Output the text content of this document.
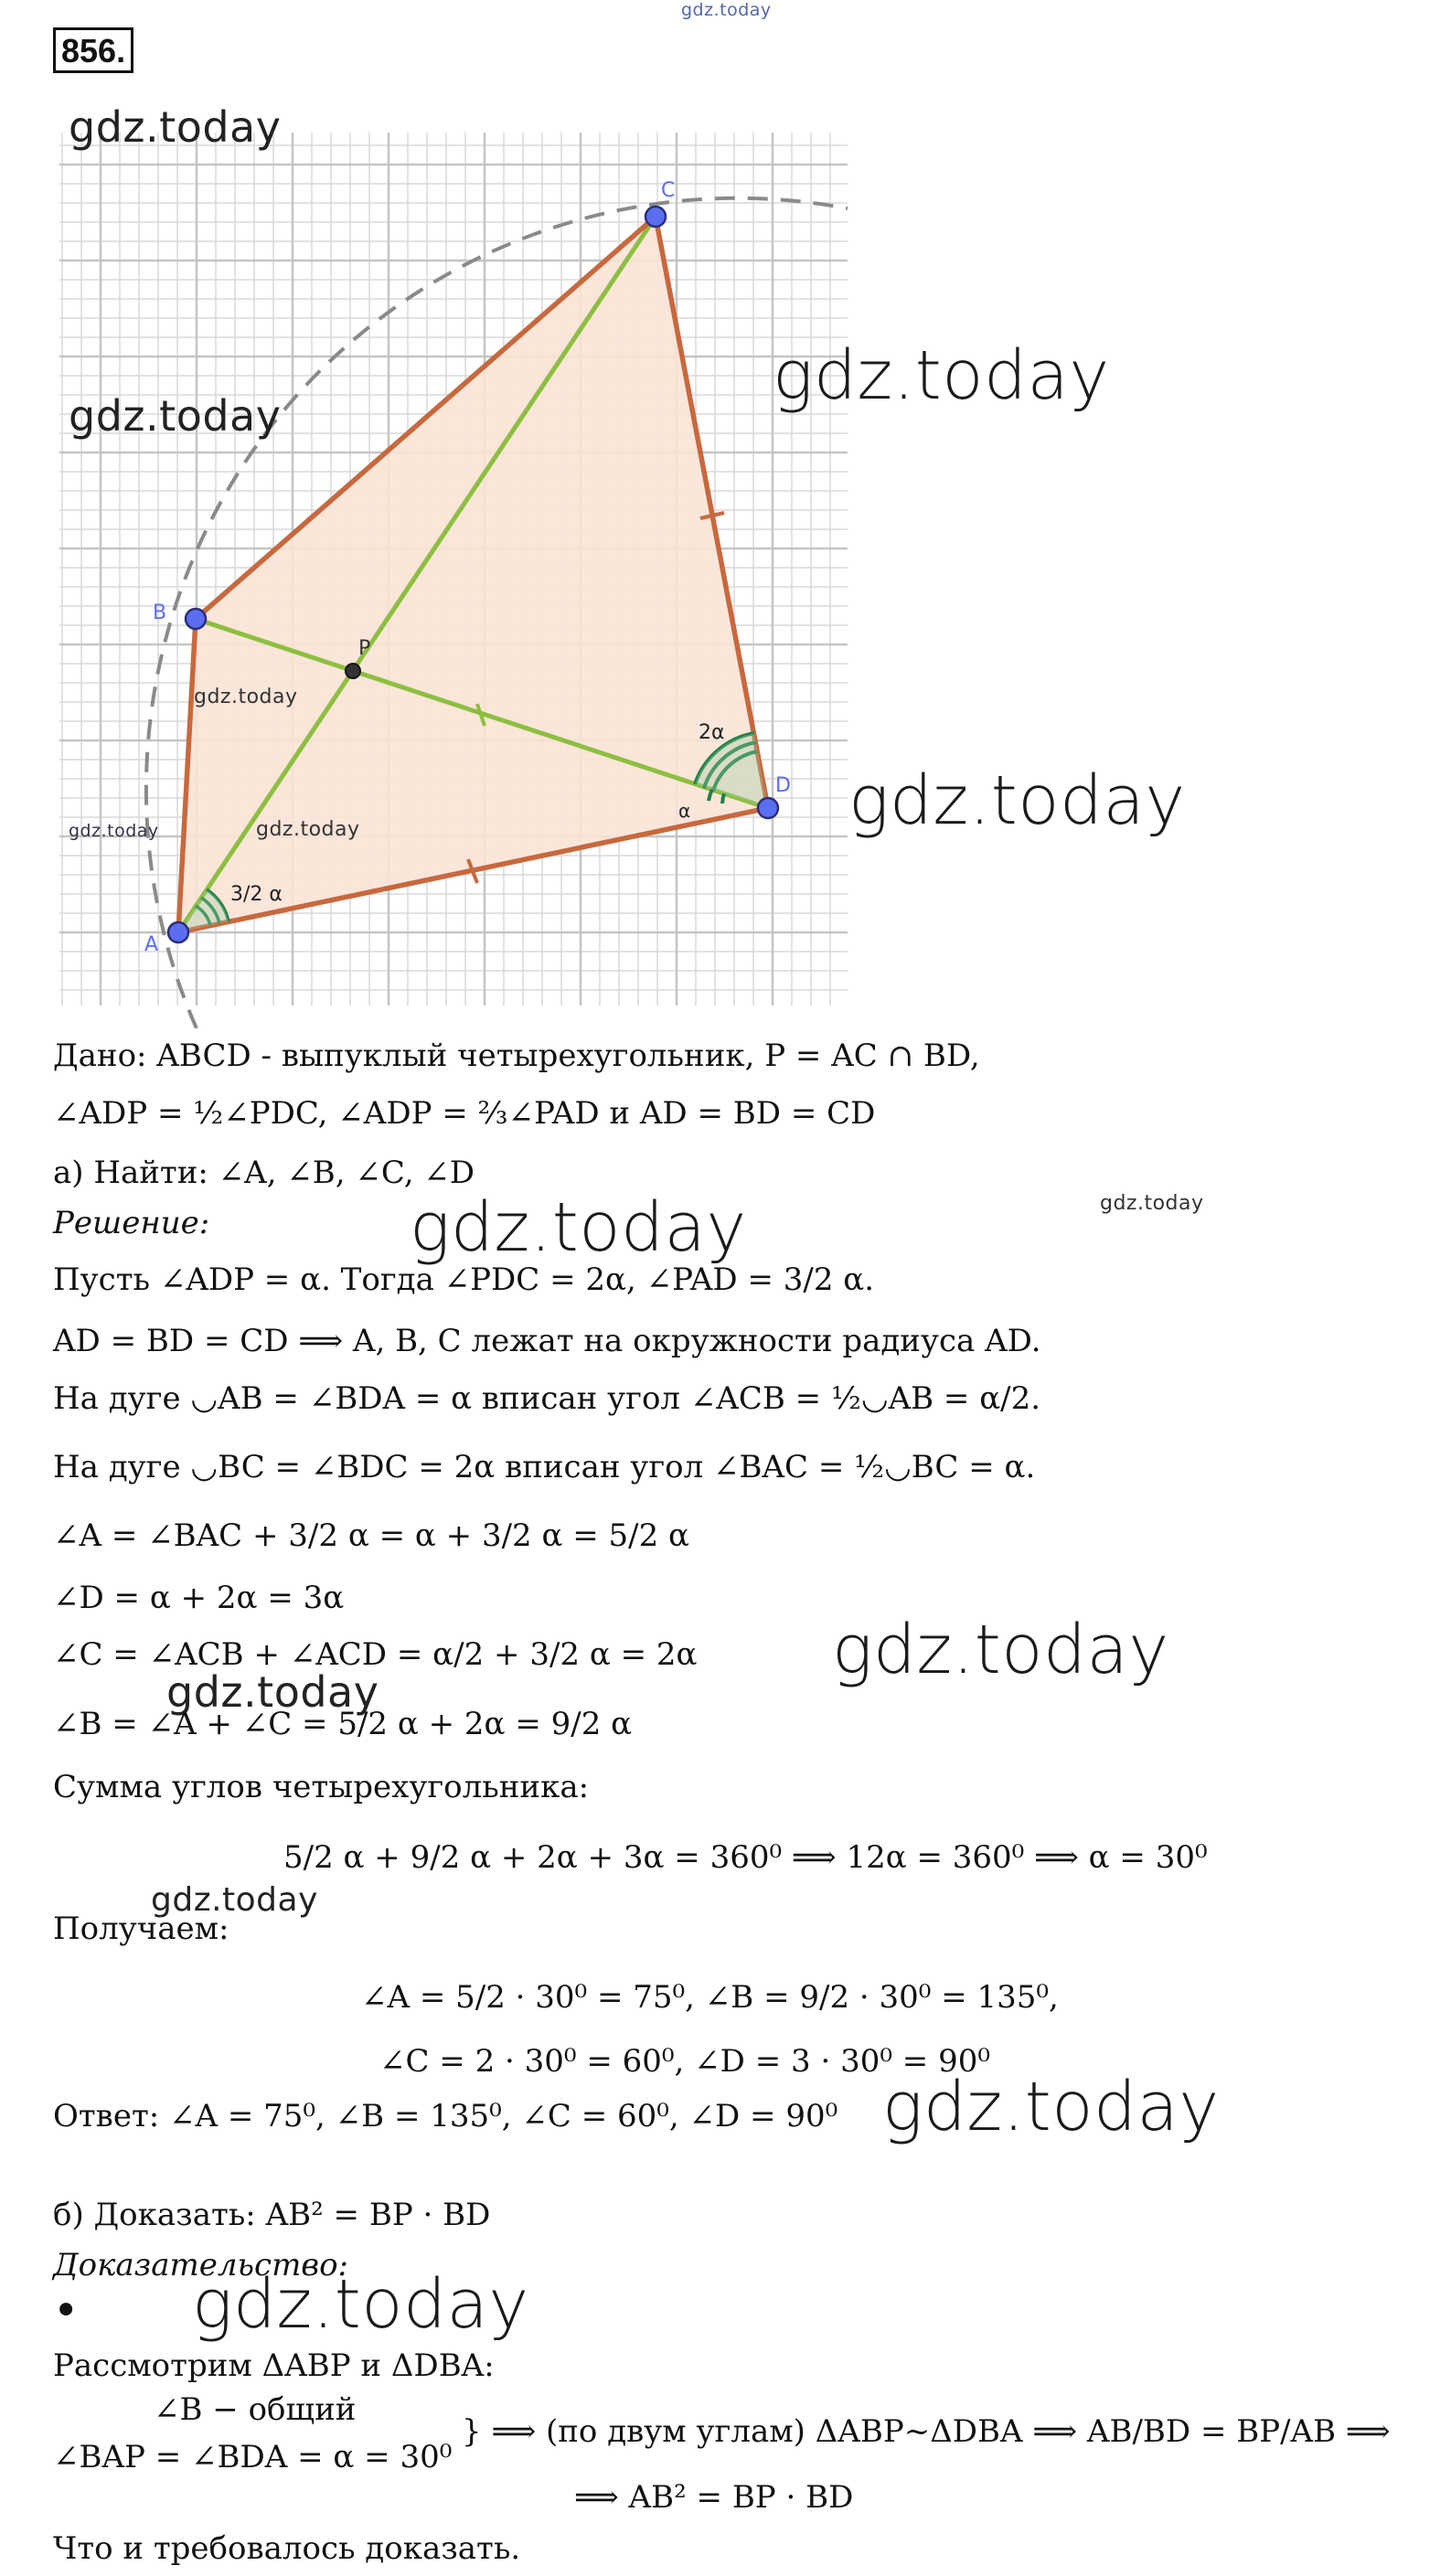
856.
gdz.today
A
B
C
D
P
3/2 α
2α
α
gdz.today
gdz.today
gdz.today
gdz.today
gdz.today
gdz.today
gdz.today
Дано: ABCD - выпуклый четырехугольник, P = AC ∩ BD,
∠ADP = ½∠PDC, ∠ADP = ⅔∠PAD и AD = BD = CD
а) Найти: ∠A, ∠B, ∠C, ∠D
Решение:
gdz.today
gdz.today
Пусть ∠ADP = α. Тогда ∠PDC = 2α, ∠PAD = 3/2 α.
AD = BD = CD ⟹ A, B, C лежат на окружности радиуса AD.
На дуге ◡AB = ∠BDA = α вписан угол ∠ACB = ½◡AB = α/2.
На дуге ◡BC = ∠BDC = 2α вписан угол ∠BAC = ½◡BC = α.
∠A = ∠BAC + 3/2 α = α + 3/2 α = 5/2 α
∠D = α + 2α = 3α
∠C = ∠ACB + ∠ACD = α/2 + 3/2 α = 2α gdz.today
gdz.today
∠B = ∠A + ∠C = 5/2 α + 2α = 9/2 α
Сумма углов четырехугольника:
5/2 α + 9/2 α + 2α + 3α = 360⁰ ⟹ 12α = 360⁰ ⟹ α = 30⁰
gdz.today
Получаем:
∠A = 5/2 · 30⁰ = 75⁰, ∠B = 9/2 · 30⁰ = 135⁰,
∠C = 2 · 30⁰ = 60⁰, ∠D = 3 · 30⁰ = 90⁰
Ответ: ∠A = 75⁰, ∠B = 135⁰, ∠C = 60⁰, ∠D = 90⁰ gdz.today
б) Доказать: AB² = BP · BD
Доказательство:
• gdz.today
Рассмотрим ΔABP и ΔDBA:
∠B − общий
∠BAP = ∠BDA = α = 30⁰
} ⟹ (по двум углам) ΔABP~ΔDBA ⟹ AB/BD = BP/AB ⟹
⟹ AB² = BP · BD
Что и требовалось доказать.
